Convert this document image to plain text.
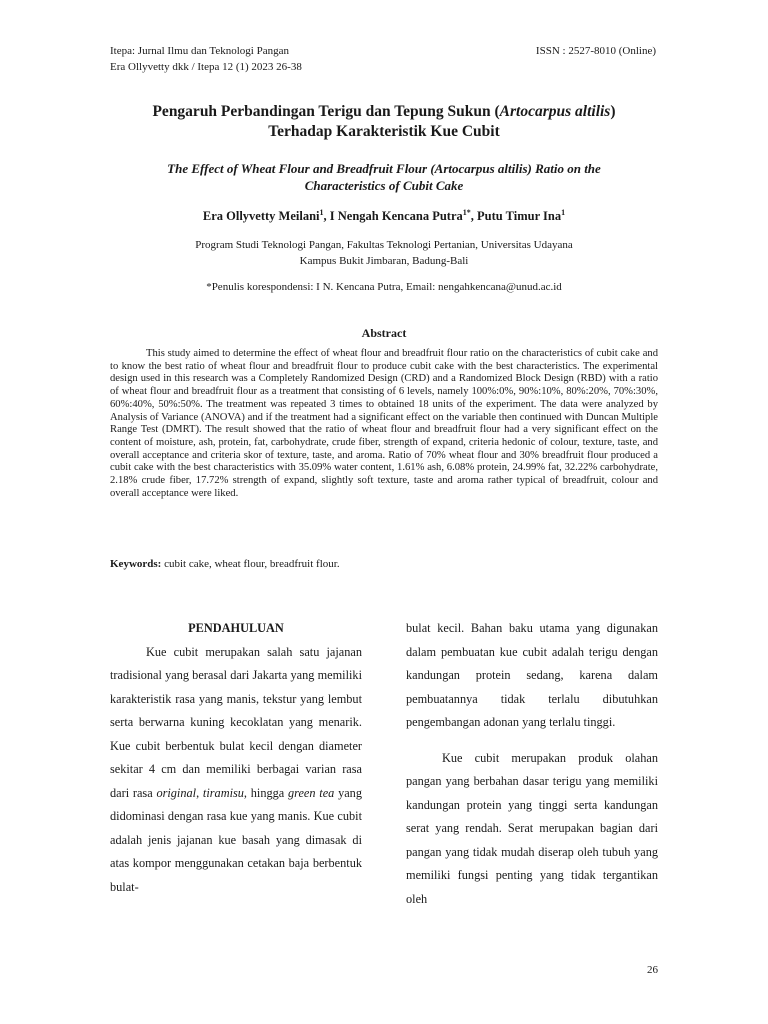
Itepa: Jurnal Ilmu dan Teknologi Pangan
Era Ollyvetty dkk / Itepa 12 (1) 2023 26-38
ISSN : 2527-8010 (Online)
Pengaruh Perbandingan Terigu dan Tepung Sukun (Artocarpus altilis)
Terhadap Karakteristik Kue Cubit
The Effect of Wheat Flour and Breadfruit Flour (Artocarpus altilis) Ratio on the
Characteristics of Cubit Cake
Era Ollyvetty Meilani$^1$, I Nengah Kencana Putra$^{1*}$, Putu Timur Ina$^1$
Program Studi Teknologi Pangan, Fakultas Teknologi Pertanian, Universitas Udayana
Kampus Bukit Jimbaran, Badung-Bali
*Penulis korespondensi: I N. Kencana Putra, Email: nengahkencana@unud.ac.id
Abstract
This study aimed to determine the effect of wheat flour and breadfruit flour ratio on the characteristics of cubit cake and to know the best ratio of wheat flour and breadfruit flour to produce cubit cake with the best characteristics. The experimental design used in this research was a Completely Randomized Design (CRD) and a Randomized Block Design (RBD) with a ratio of wheat flour and breadfruit flour as a treatment that consisting of 6 levels, namely 100%:0%, 90%:10%, 80%:20%, 70%:30%, 60%:40%, 50%:50%. The treatment was repeated 3 times to obtained 18 units of the experiment. The data were analyzed by Analysis of Variance (ANOVA) and if the treatment had a significant effect on the variable then continued with Duncan Multiple Range Test (DMRT). The result showed that the ratio of wheat flour and breadfruit flour had a very significant effect on the content of moisture, ash, protein, fat, carbohydrate, crude fiber, strength of expand, criteria hedonic of colour, texture, taste, and overall acceptance and criteria skor of texture, taste, and aroma. Ratio of 70% wheat flour and 30% breadfruit flour produced a cubit cake with the best characteristics with 35.09% water content, 1.61% ash, 6.08% protein, 24.99% fat, 32.22% carbohydrate, 2.18% crude fiber, 17.72% strength of expand, slightly soft texture, taste and aroma rather typical of breadfruit, colour and overall acceptance were liked.
Keywords: cubit cake, wheat flour, breadfruit flour.

PENDAHULUAN

Kue cubit merupakan salah satu jajanan tradisional yang berasal dari Jakarta yang memiliki karakteristik rasa yang manis, tekstur yang lembut serta berwarna kuning kecoklatan yang menarik. Kue cubit berbentuk bulat kecil dengan diameter sekitar 4 cm dan memiliki berbagai varian rasa dari rasa original, tiramisu, hingga green tea yang didominasi dengan rasa kue yang manis. Kue cubit adalah jenis jajanan kue basah yang dimasak di atas kompor menggunakan cetakan baja berbentuk bulat-

bulat kecil. Bahan baku utama yang digunakan dalam pembuatan kue cubit adalah terigu dengan kandungan protein sedang, karena dalam pembuatannya tidak terlalu dibutuhkan pengembangan adonan yang terlalu tinggi.

Kue cubit merupakan produk olahan pangan yang berbahan dasar terigu yang memiliki kandungan protein yang tinggi serta kandungan serat yang rendah. Serat merupakan bagian dari pangan yang tidak mudah diserap oleh tubuh yang memiliki fungsi penting yang tidak tergantikan oleh

26
